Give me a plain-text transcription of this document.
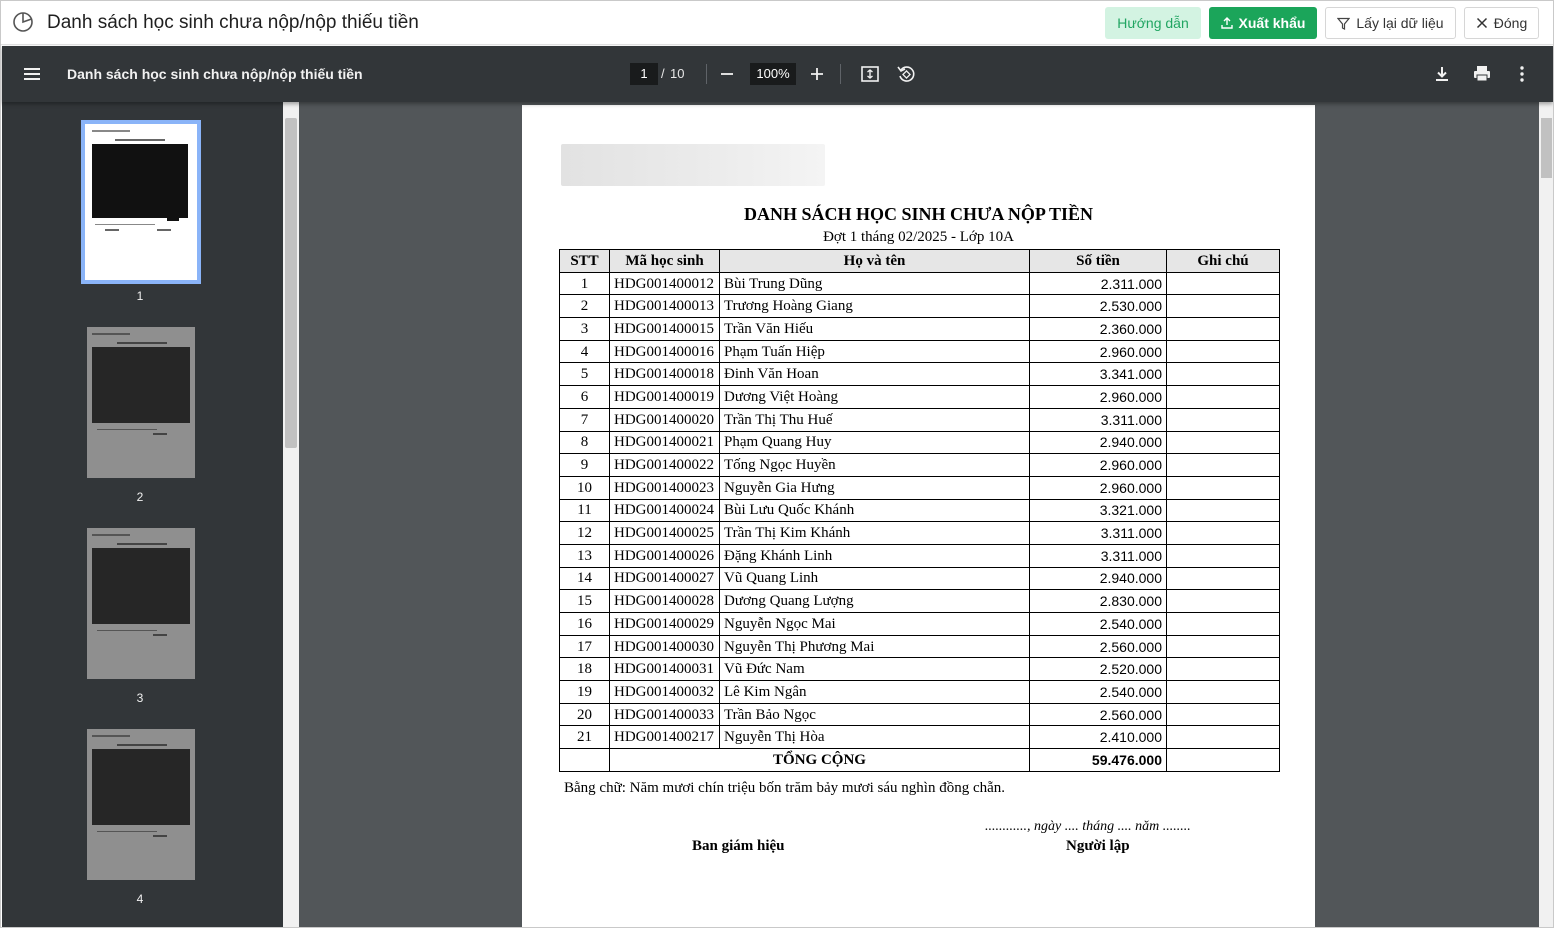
Danh sách học sinh chưa nộp/nộp thiếu tiền	Hướng dẫn	Xuất khẩu	Lấy lại dữ liệu	Đóng
Danh sách học sinh chưa nộp/nộp thiếu tiền	1	/ 10	100%
1
2
3
4
DANH SÁCH HỌC SINH CHƯA NỘP TIỀN
Đợt 1 tháng 02/2025 - Lớp 10A
STT	Mã học sinh	Họ và tên	Số tiền	Ghi chú
1	HDG001400012	Bùi Trung Dũng	2.311.000	
2	HDG001400013	Trương Hoàng Giang	2.530.000	
3	HDG001400015	Trần Văn Hiếu	2.360.000	
4	HDG001400016	Phạm Tuấn Hiệp	2.960.000	
5	HDG001400018	Đinh Văn Hoan	3.341.000	
6	HDG001400019	Dương Việt Hoàng	2.960.000	
7	HDG001400020	Trần Thị Thu Huế	3.311.000	
8	HDG001400021	Phạm Quang Huy	2.940.000	
9	HDG001400022	Tống Ngọc Huyền	2.960.000	
10	HDG001400023	Nguyễn Gia Hưng	2.960.000	
11	HDG001400024	Bùi Lưu Quốc Khánh	3.321.000	
12	HDG001400025	Trần Thị Kim Khánh	3.311.000	
13	HDG001400026	Đặng Khánh Linh	3.311.000	
14	HDG001400027	Vũ Quang Linh	2.940.000	
15	HDG001400028	Dương Quang Lượng	2.830.000	
16	HDG001400029	Nguyễn Ngọc Mai	2.540.000	
17	HDG001400030	Nguyễn Thị Phương Mai	2.560.000	
18	HDG001400031	Vũ Đức Nam	2.520.000	
19	HDG001400032	Lê Kim Ngân	2.540.000	
20	HDG001400033	Trần Bảo Ngọc	2.560.000	
21	HDG001400217	Nguyễn Thị Hòa	2.410.000	
	TỔNG CỘNG		59.476.000	
Bằng chữ: Năm mươi chín triệu bốn trăm bảy mươi sáu nghìn đồng chẵn.
............, ngày .... tháng .... năm ........
Ban giám hiệu	Người lập
